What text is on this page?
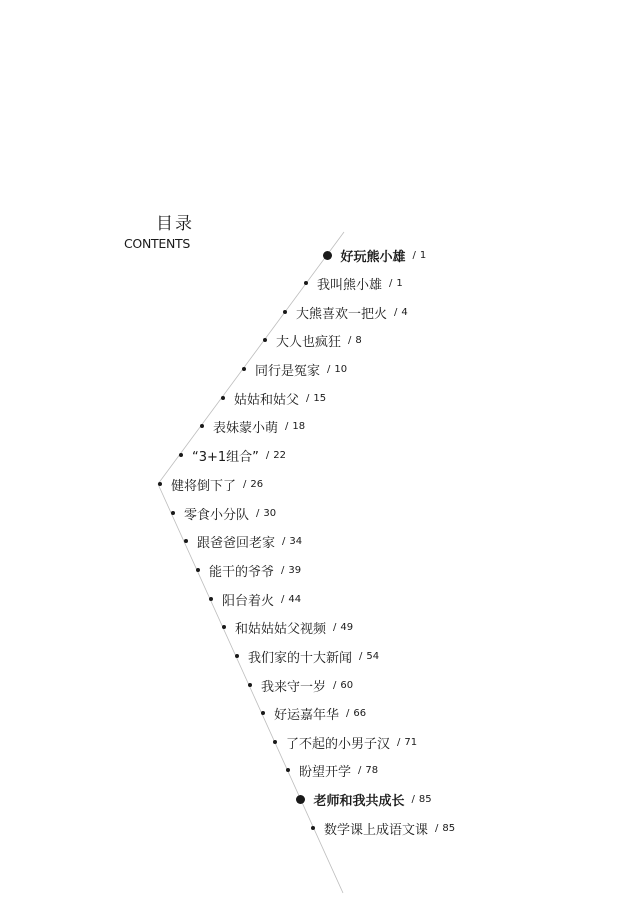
目录
CONTENTS
好玩熊小雄 / 1
我叫熊小雄 / 1
大熊喜欢一把火 / 4
大人也疯狂 / 8
同行是冤家 / 10
姑姑和姑父 / 15
表妹蒙小萌 / 18
“3+1组合” / 22
健将倒下了 / 26
零食小分队 / 30
跟爸爸回老家 / 34
能干的爷爷 / 39
阳台着火 / 44
和姑姑姑父视频 / 49
我们家的十大新闻 / 54
我来守一岁 / 60
好运嘉年华 / 66
了不起的小男子汉 / 71
盼望开学 / 78
老师和我共成长 / 85
数学课上成语文课 / 85
